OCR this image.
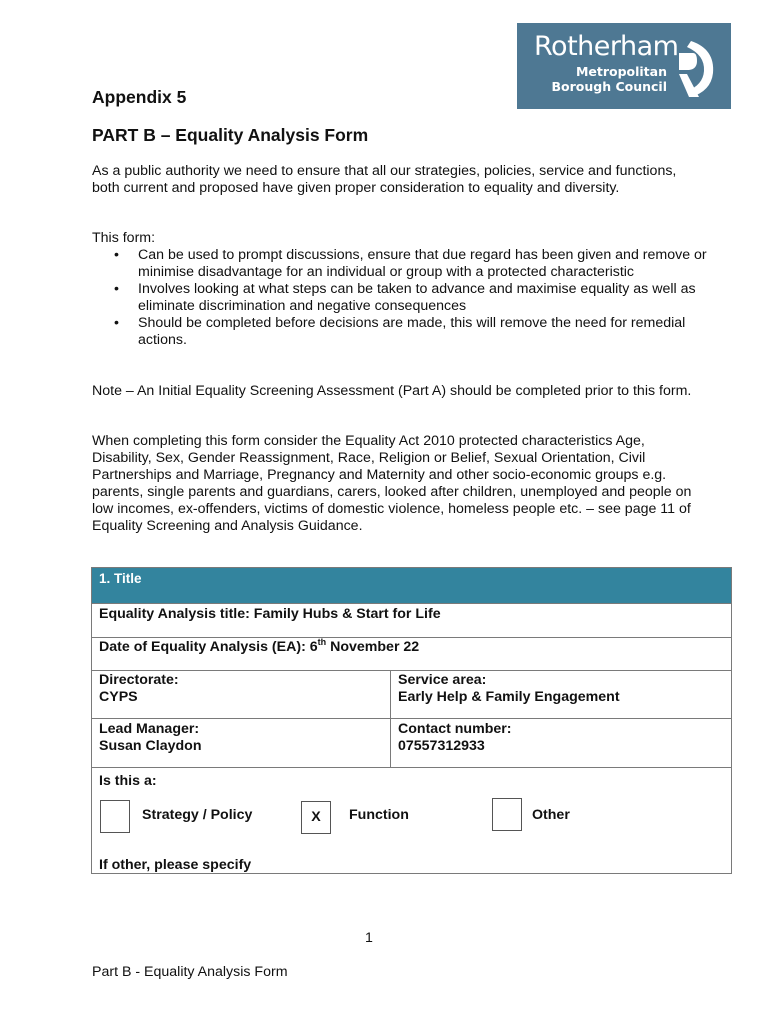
Rotherham
Metropolitan
Borough Council
Appendix 5
PART B – Equality Analysis Form

As a public authority we need to ensure that all our strategies, policies, service and functions, both current and proposed have given proper consideration to equality and diversity.

This form:

• Can be used to prompt discussions, ensure that due regard has been given and remove or minimise disadvantage for an individual or group with a protected characteristic
• Involves looking at what steps can be taken to advance and maximise equality as well as eliminate discrimination and negative consequences
• Should be completed before decisions are made, this will remove the need for remedial actions.

Note – An Initial Equality Screening Assessment (Part A) should be completed prior to this form.

When completing this form consider the Equality Act 2010 protected characteristics Age, Disability, Sex, Gender Reassignment, Race, Religion or Belief, Sexual Orientation, Civil Partnerships and Marriage, Pregnancy and Maternity and other socio-economic groups e.g. parents, single parents and guardians, carers, looked after children, unemployed and people on low incomes, ex-offenders, victims of domestic violence, homeless people etc. – see page 11 of Equality Screening and Analysis Guidance.

1. Title
Equality Analysis title: Family Hubs & Start for Life
Date of Equality Analysis (EA): 6th November 22
Directorate:
CYPS
Service area:
Early Help & Family Engagement
Lead Manager:
Susan Claydon
Contact number:
07557312933
Is this a:
Strategy / Policy	X	Function	Other
If other, please specify
1
Part B - Equality Analysis Form
